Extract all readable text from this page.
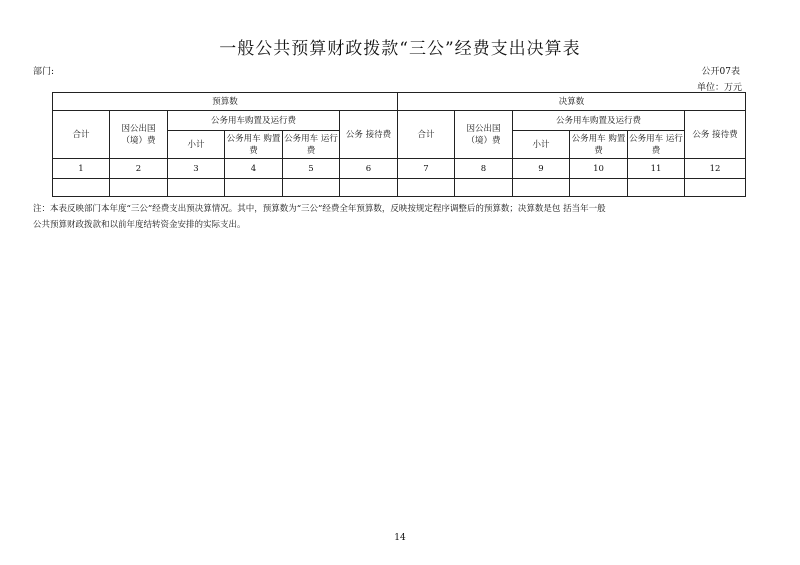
一般公共预算财政拨款“三公”经费支出决算表
部门:	公开07表
单位：万元
预算数						决算数					
合计	因公出国（境）费	公务用车购置及运行费			公务 接待费	合计	因公出国（境）费	公务用车购置及运行费			公务 接待费
		小计	公务用车 购置费	公务用车 运行费				小计	公务用车 购置费	公务用车 运行费	
1	2	3	4	5	6	7	8	9	10	11	12

注：本表反映部门本年度“三公”经费支出预决算情况。其中，预算数为“三公”经费全年预算数，反映按规定程序调整后的预算数；决算数是包 括当年一般
公共预算财政拨款和以前年度结转资金安排的实际支出。
14
